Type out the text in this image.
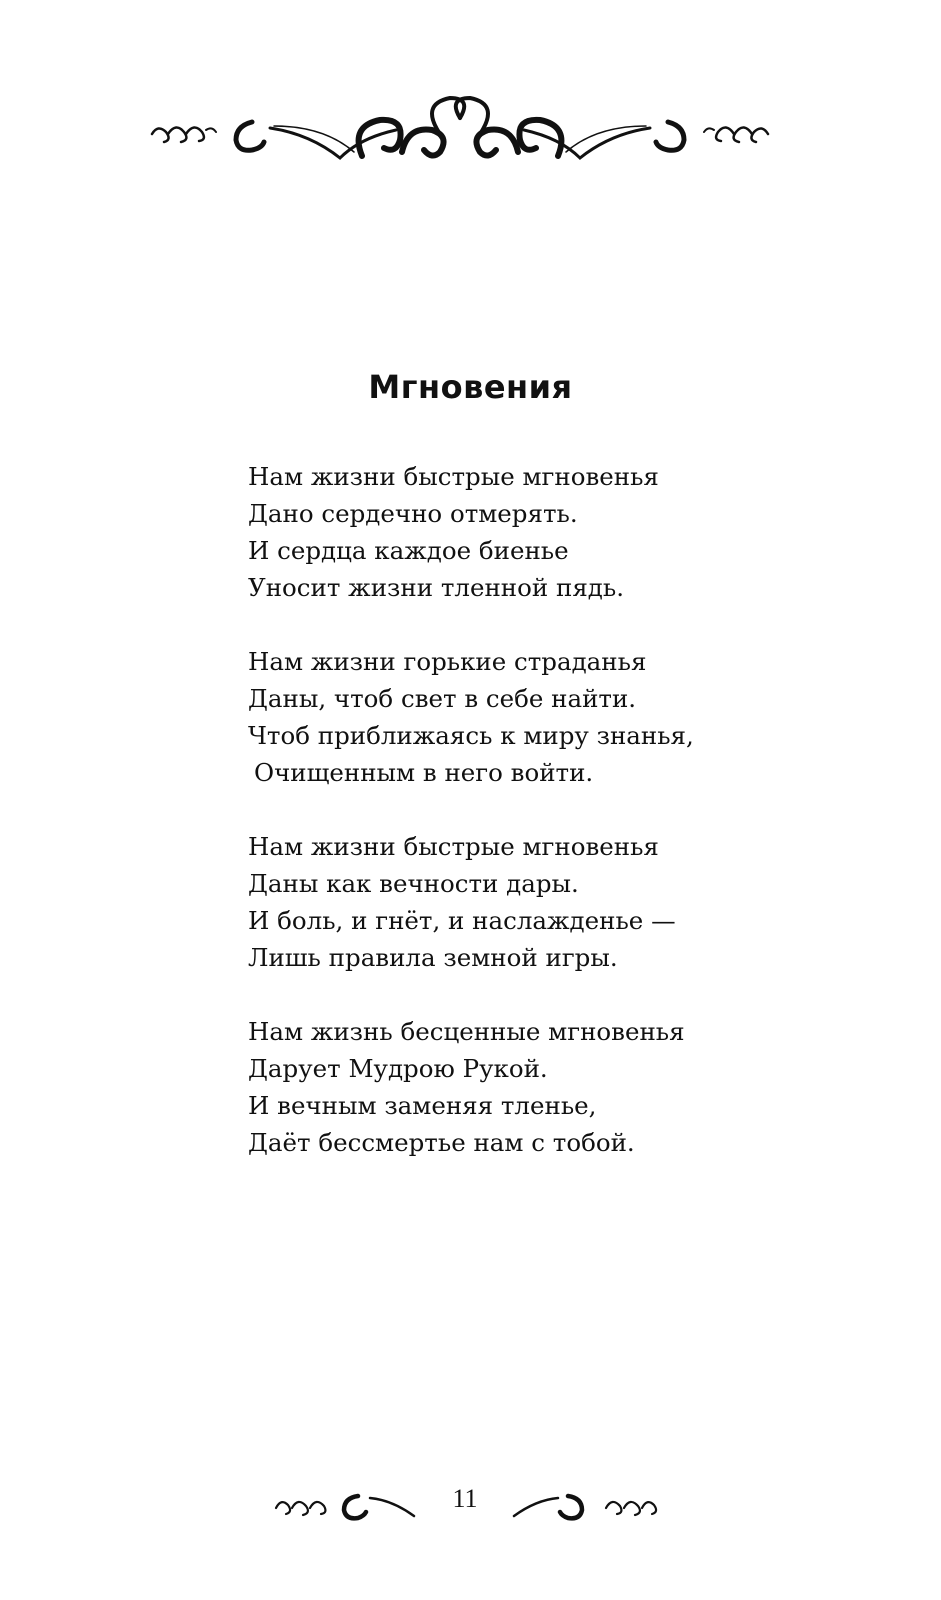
Мгновения
Нам жизни быстрые мгновенья
Дано сердечно отмерять.
И сердца каждое биенье
Уносит жизни тленной пядь.
Нам жизни горькие страданья
Даны, чтоб свет в себе найти.
Чтоб приближаясь к миру знанья,
Очищенным в него войти.
Нам жизни быстрые мгновенья
Даны как вечности дары.
И боль, и гнёт, и наслажденье —
Лишь правила земной игры.
Нам жизнь бесценные мгновенья
Дарует Мудрою Рукой.
И вечным заменяя тленье,
Даёт бессмертье нам с тобой.
11
